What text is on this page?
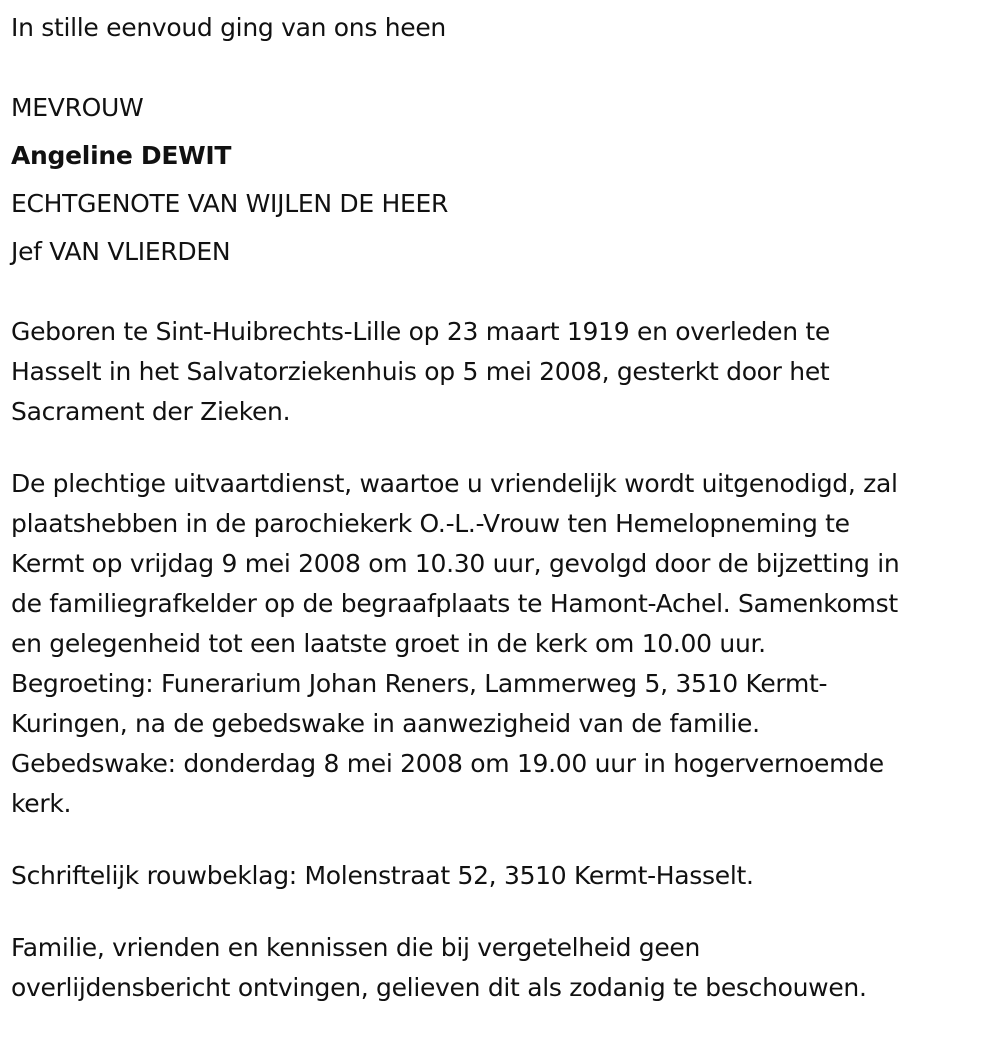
In stille eenvoud ging van ons heen

MEVROUW

Angeline DEWIT

ECHTGENOTE VAN WIJLEN DE HEER

Jef VAN VLIERDEN

Geboren te Sint-Huibrechts-Lille op 23 maart 1919 en overleden te
Hasselt in het Salvatorziekenhuis op 5 mei 2008, gesterkt door het
Sacrament der Zieken.
De plechtige uitvaartdienst, waartoe u vriendelijk wordt uitgenodigd, zal
plaatshebben in de parochiekerk O.-L.-Vrouw ten Hemelopneming te
Kermt op vrijdag 9 mei 2008 om 10.30 uur, gevolgd door de bijzetting in
de familiegrafkelder op de begraafplaats te Hamont-Achel. Samenkomst
en gelegenheid tot een laatste groet in de kerk om 10.00 uur.
Begroeting: Funerarium Johan Reners, Lammerweg 5, 3510 Kermt-
Kuringen, na de gebedswake in aanwezigheid van de familie.
Gebedswake: donderdag 8 mei 2008 om 19.00 uur in hogervernoemde
kerk.
Schriftelijk rouwbeklag: Molenstraat 52, 3510 Kermt-Hasselt.
Familie, vrienden en kennissen die bij vergetelheid geen
overlijdensbericht ontvingen, gelieven dit als zodanig te beschouwen.
